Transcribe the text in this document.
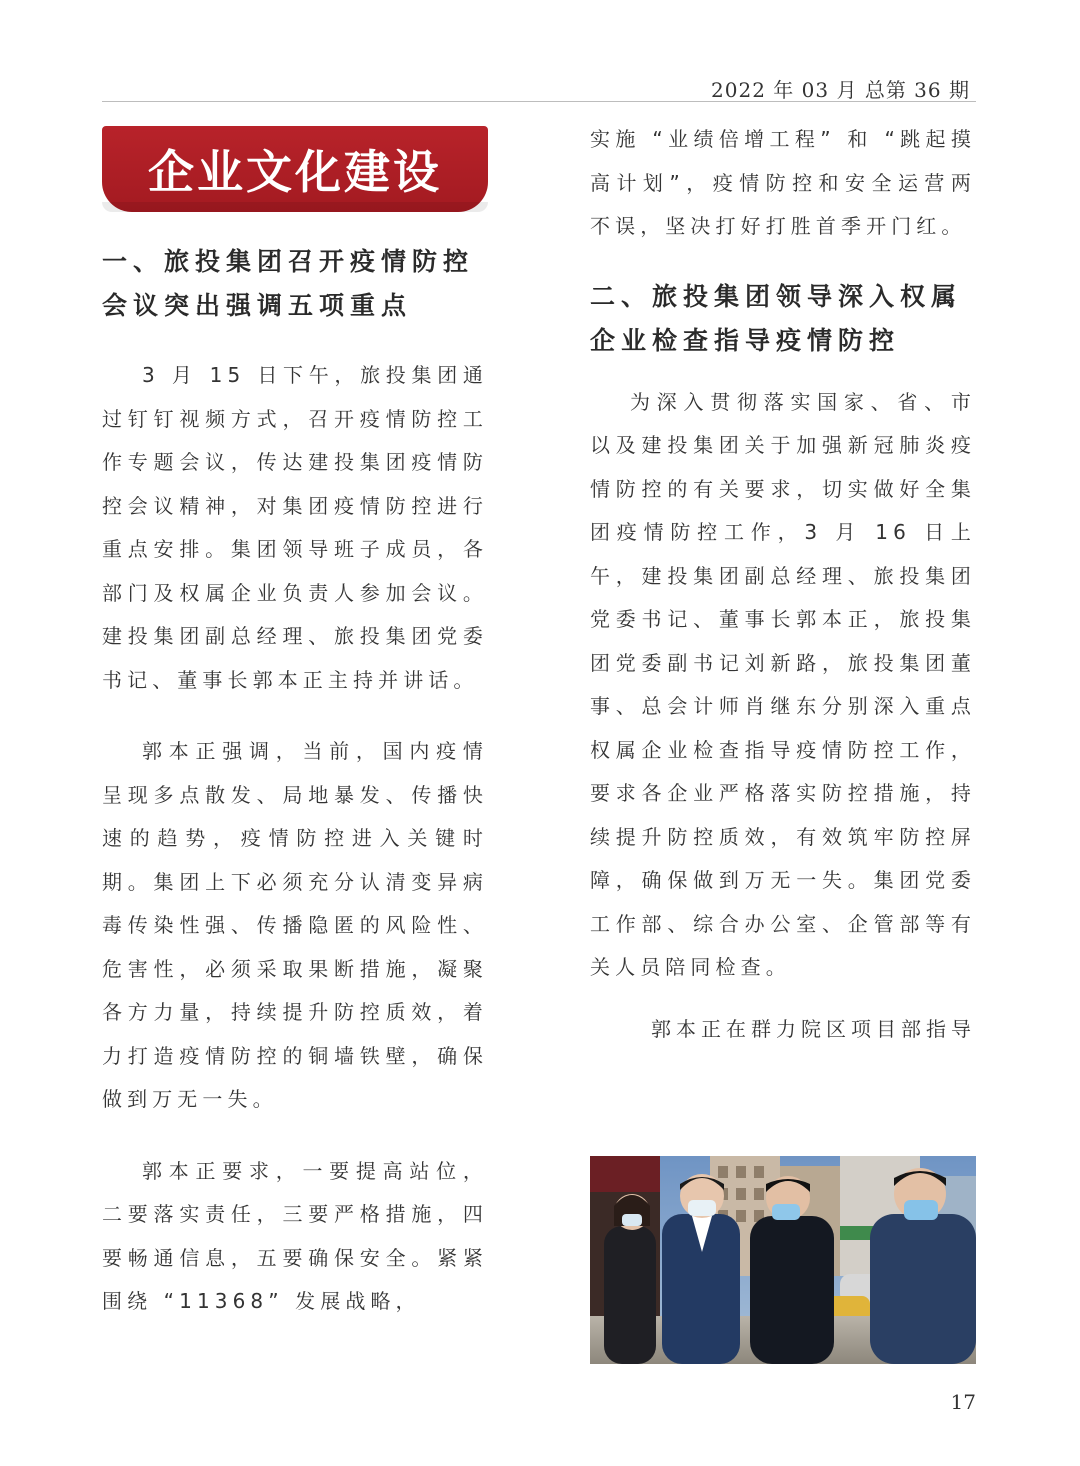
2022 年 03 月 总第 36 期
企业文化建设
一、旅投集团召开疫情防控会议突出强调五项重点

3 月 15 日下午，旅投集团通过钉钉视频方式，召开疫情防控工作专题会议，传达建投集团疫情防控会议精神，对集团疫情防控进行重点安排。集团领导班子成员，各部门及权属企业负责人参加会议。建投集团副总经理、旅投集团党委书记、董事长郭本正主持并讲话。

郭本正强调，当前，国内疫情呈现多点散发、局地暴发、传播快速的趋势，疫情防控进入关键时期。集团上下必须充分认清变异病毒传染性强、传播隐匿的风险性、危害性，必须采取果断措施，凝聚各方力量，持续提升防控质效，着力打造疫情防控的铜墙铁壁，确保做到万无一失。

郭本正要求，一要提高站位，二要落实责任，三要严格措施，四要畅通信息，五要确保安全。紧紧围绕 “11368” 发展战略，

实施 “业绩倍增工程” 和 “跳起摸高计划”，疫情防控和安全运营两不误，坚决打好打胜首季开门红。

二、旅投集团领导深入权属企业检查指导疫情防控

为深入贯彻落实国家、省、市以及建投集团关于加强新冠肺炎疫情防控的有关要求，切实做好全集团疫情防控工作，3 月 16 日上午，建投集团副总经理、旅投集团党委书记、董事长郭本正，旅投集团党委副书记刘新路，旅投集团董事、总会计师肖继东分别深入重点权属企业检查指导疫情防控工作，要求各企业严格落实防控措施，持续提升防控质效，有效筑牢防控屏障，确保做到万无一失。集团党委工作部、综合办公室、企管部等有关人员陪同检查。

郭本正在群力院区项目部指导

17
